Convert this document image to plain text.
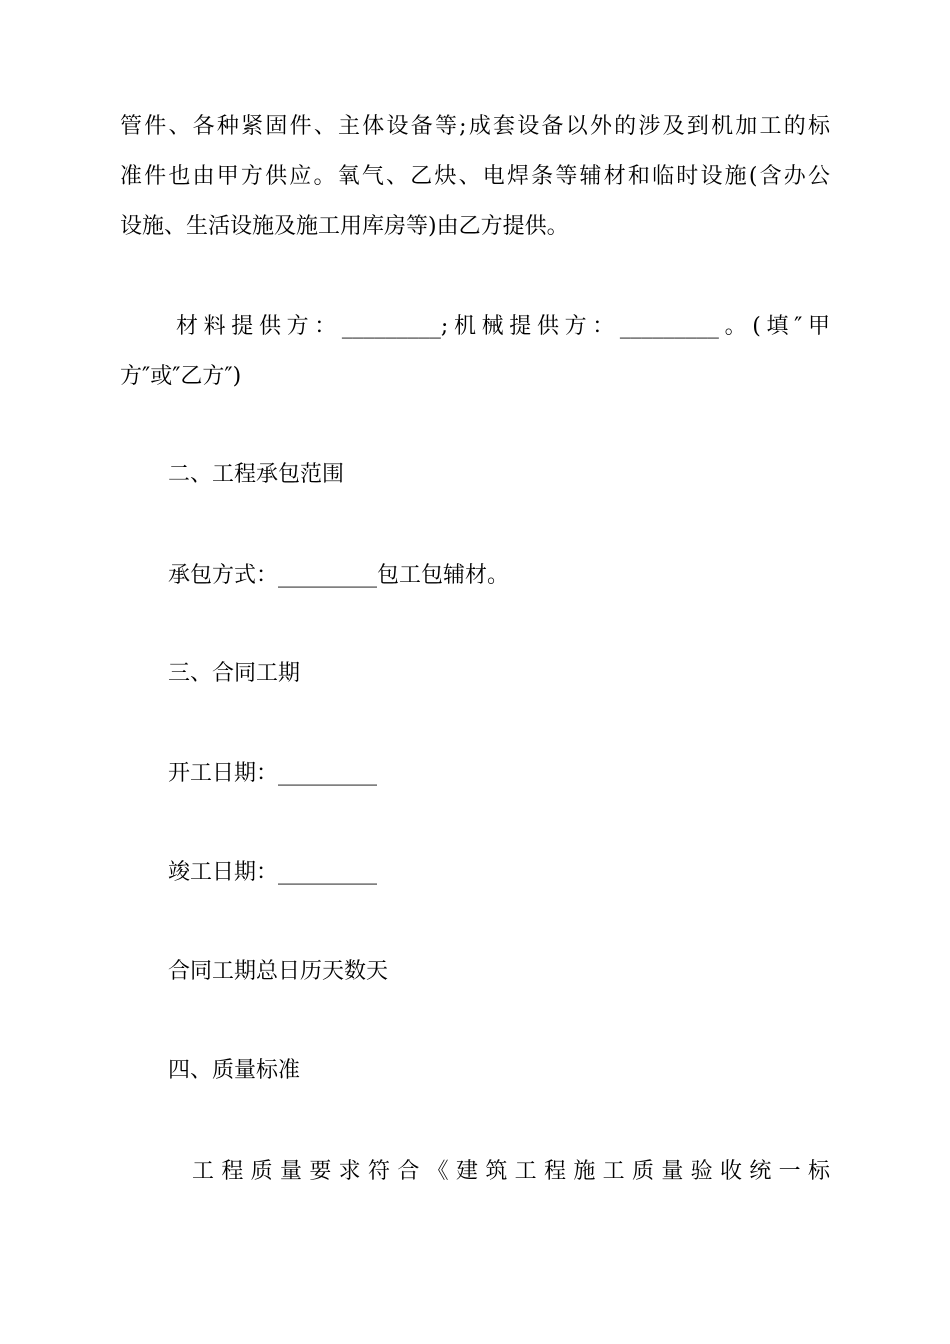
管件、各种紧固件、主体设备等;成套设备以外的涉及到机加工的标

准件也由甲方供应。氧气、乙炔、电焊条等辅材和临时设施(含办公

设施、生活设施及施工用库房等)由乙方提供。

材料提供方：_________;机械提供方：_________。(填″甲

方″或″乙方″)

二、工程承包范围

承包方式：_________包工包辅材。

三、合同工期

开工日期：_________

竣工日期：_________

合同工期总日历天数天

四、质量标准

工程质量要求符合《建筑工程施工质量验收统一标
